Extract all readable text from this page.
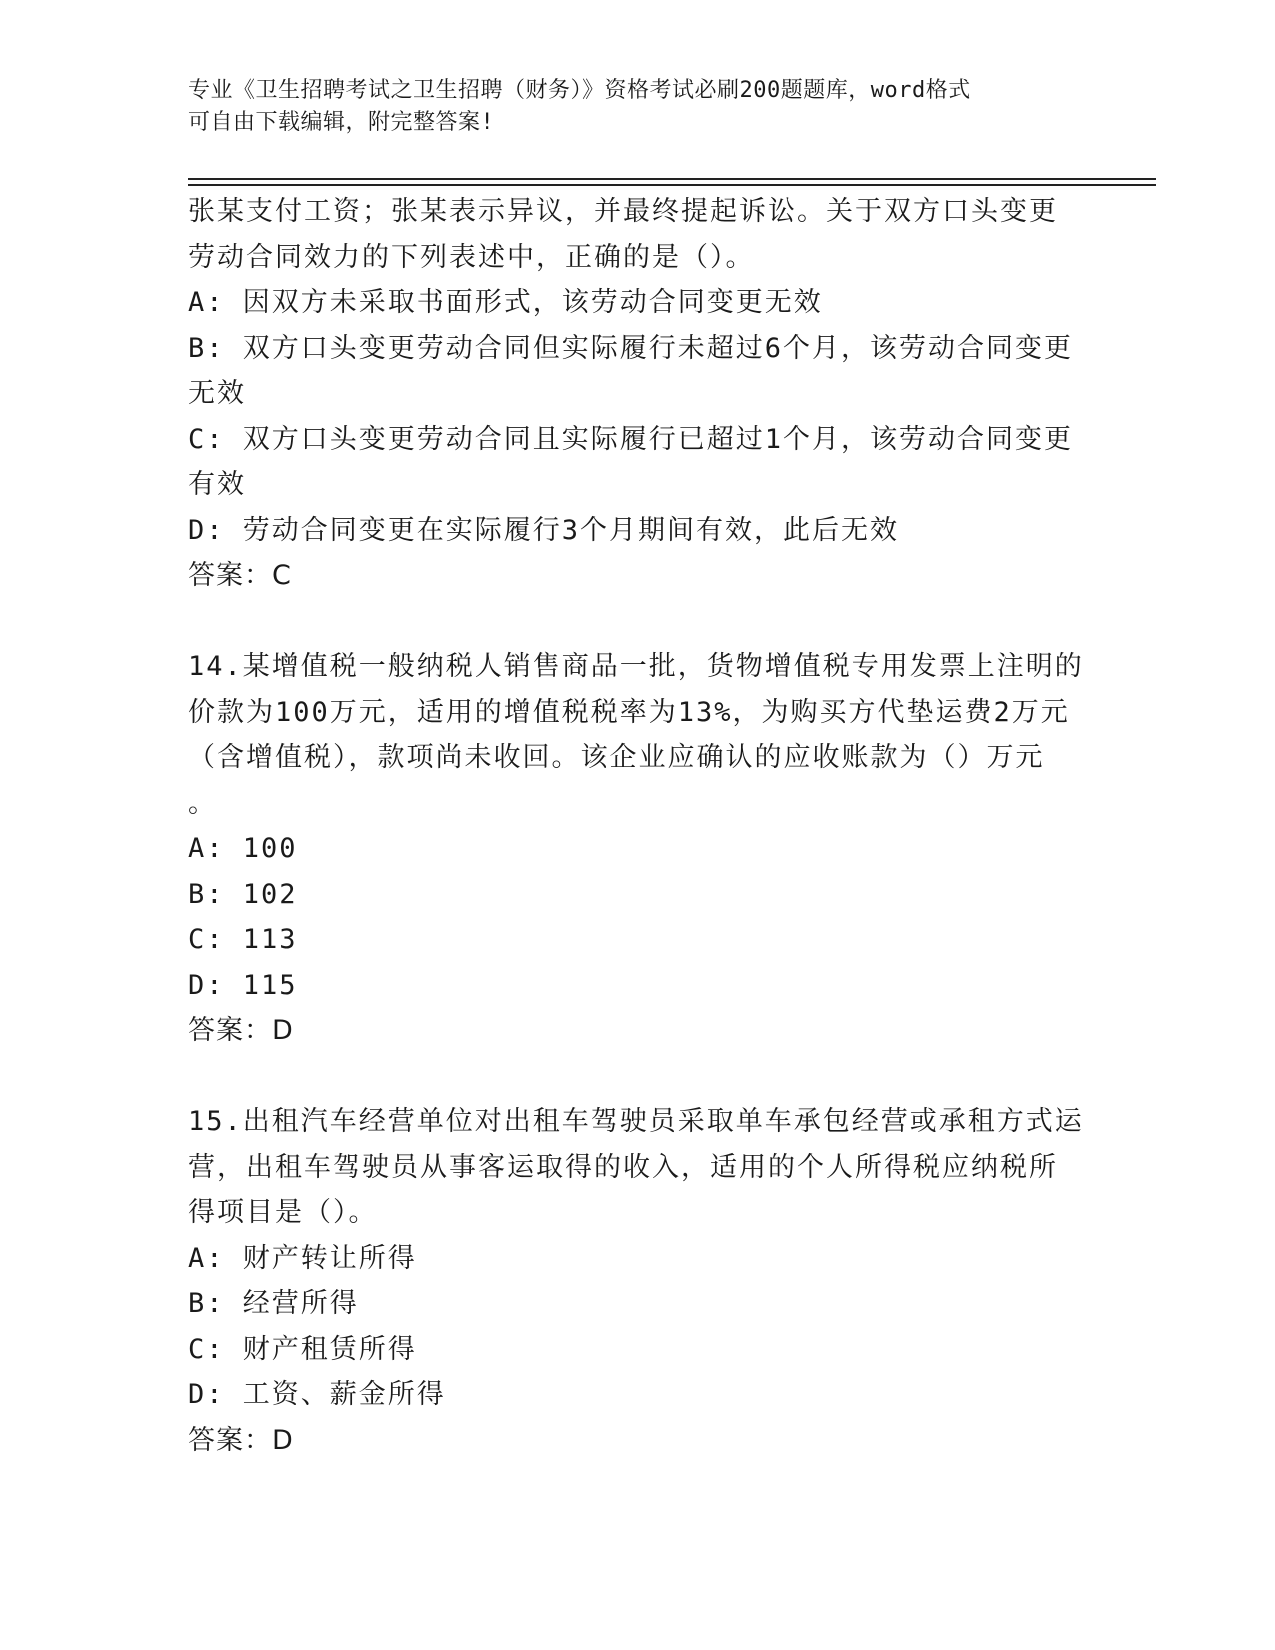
专业《卫生招聘考试之卫生招聘（财务）》资格考试必刷200题题库，word格式
可自由下载编辑，附完整答案!
张某支付工资；张某表示异议，并最终提起诉讼。关于双方口头变更
劳动合同效力的下列表述中，正确的是（）。
A: 因双方未采取书面形式，该劳动合同变更无效
B: 双方口头变更劳动合同但实际履行未超过6个月，该劳动合同变更
无效
C: 双方口头变更劳动合同且实际履行已超过1个月，该劳动合同变更
有效
D: 劳动合同变更在实际履行3个月期间有效，此后无效
答案：C
14.某增值税一般纳税人销售商品一批，货物增值税专用发票上注明的
价款为100万元，适用的增值税税率为13%，为购买方代垫运费2万元
（含增值税），款项尚未收回。该企业应确认的应收账款为（）万元
。
A: 100
B: 102
C: 113
D: 115
答案：D
15.出租汽车经营单位对出租车驾驶员采取单车承包经营或承租方式运
营，出租车驾驶员从事客运取得的收入，适用的个人所得税应纳税所
得项目是（）。
A: 财产转让所得
B: 经营所得
C: 财产租赁所得
D: 工资、薪金所得
答案：D
